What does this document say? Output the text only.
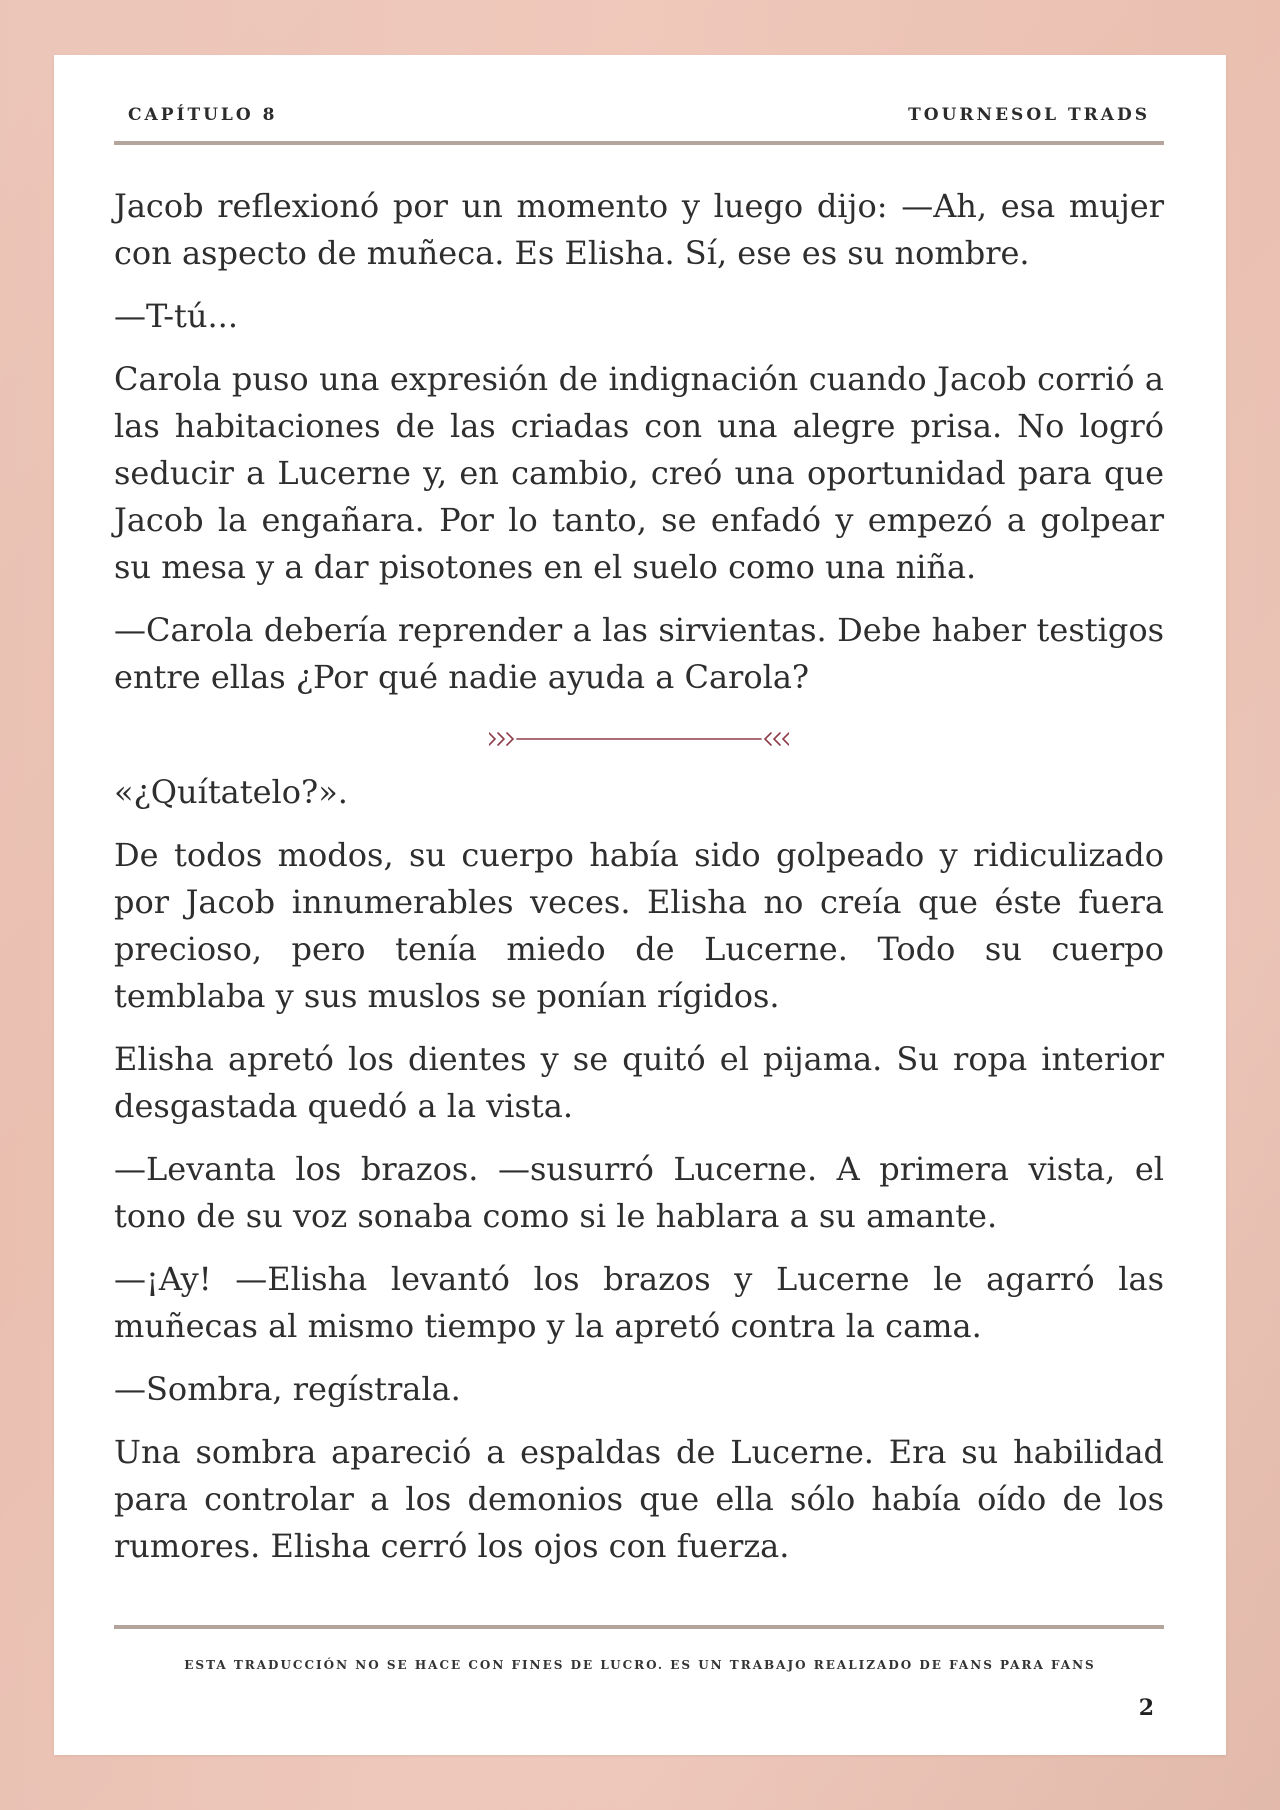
CAPÍTULO 8	TOURNESOL TRADS

Jacob reflexionó por un momento y luego dijo: —Ah, esa mujer con aspecto de muñeca. Es Elisha. Sí, ese es su nombre.

—T-tú...

Carola puso una expresión de indignación cuando Jacob corrió a las habitaciones de las criadas con una alegre prisa. No logró seducir a Lucerne y, en cambio, creó una oportunidad para que Jacob la engañara. Por lo tanto, se enfadó y empezó a golpear su mesa y a dar pisotones en el suelo como una niña.

—Carola debería reprender a las sirvientas. Debe haber testigos entre ellas ¿Por qué nadie ayuda a Carola?

«¿Quítatelo?».

De todos modos, su cuerpo había sido golpeado y ridiculizado por Jacob innumerables veces. Elisha no creía que éste fuera precioso, pero tenía miedo de Lucerne. Todo su cuerpo temblaba y sus muslos se ponían rígidos.

Elisha apretó los dientes y se quitó el pijama. Su ropa interior desgastada quedó a la vista.

—Levanta los brazos. —susurró Lucerne. A primera vista, el tono de su voz sonaba como si le hablara a su amante.

—¡Ay! —Elisha levantó los brazos y Lucerne le agarró las muñecas al mismo tiempo y la apretó contra la cama.

—Sombra, regístrala.

Una sombra apareció a espaldas de Lucerne. Era su habilidad para controlar a los demonios que ella sólo había oído de los rumores. Elisha cerró los ojos con fuerza.

ESTA TRADUCCIÓN NO SE HACE CON FINES DE LUCRO. ES UN TRABAJO REALIZADO DE FANS PARA FANS
2
